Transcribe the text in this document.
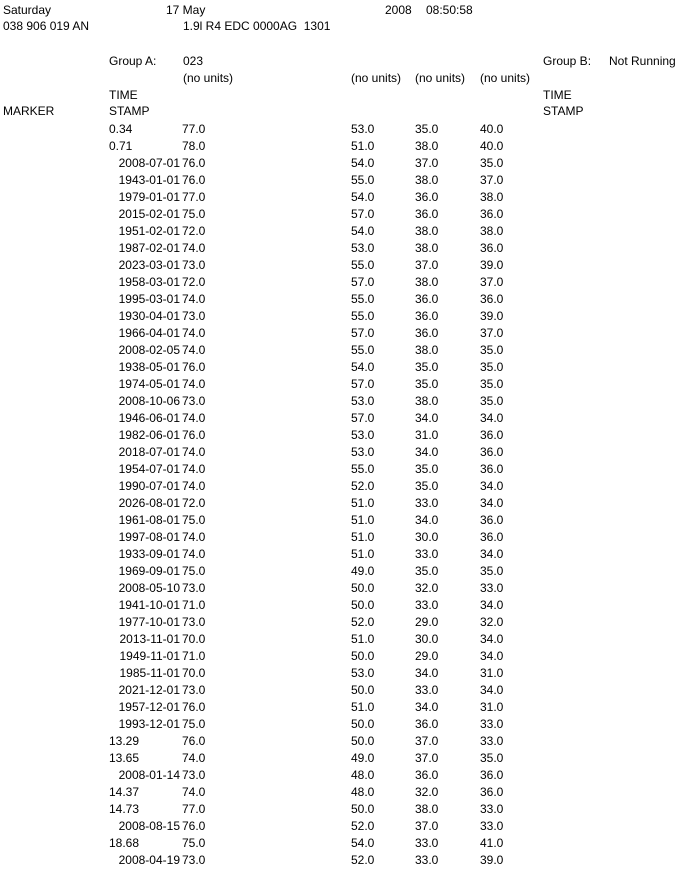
Saturday	17 May	2008 08:50:58
038 906 019 AN	1.9l R4 EDC 0000AG  1301
Group A: 023
(no units)	(no units) (no units) (no units)
TIME
STAMP
Group B: Not Running
TIME
STAMP
MARKER
0.34	77.0	53.0	35.0	40.0
0.71	78.0	51.0	38.0	40.0
2008-07-01 76.0	54.0	37.0	35.0
1943-01-01 76.0	55.0	38.0	37.0
1979-01-01 77.0	54.0	36.0	38.0
2015-02-01 75.0	57.0	36.0	36.0
1951-02-01 72.0	54.0	38.0	38.0
1987-02-01 74.0	53.0	38.0	36.0
2023-03-01 73.0	55.0	37.0	39.0
1958-03-01 72.0	57.0	38.0	37.0
1995-03-01 74.0	55.0	36.0	36.0
1930-04-01 73.0	55.0	36.0	39.0
1966-04-01 74.0	57.0	36.0	37.0
2008-02-05 74.0	55.0	38.0	35.0
1938-05-01 76.0	54.0	35.0	35.0
1974-05-01 74.0	57.0	35.0	35.0
2008-10-06 73.0	53.0	38.0	35.0
1946-06-01 74.0	57.0	34.0	34.0
1982-06-01 76.0	53.0	31.0	36.0
2018-07-01 74.0	53.0	34.0	36.0
1954-07-01 74.0	55.0	35.0	36.0
1990-07-01 74.0	52.0	35.0	34.0
2026-08-01 72.0	51.0	33.0	34.0
1961-08-01 75.0	51.0	34.0	36.0
1997-08-01 74.0	51.0	30.0	36.0
1933-09-01 74.0	51.0	33.0	34.0
1969-09-01 75.0	49.0	35.0	35.0
2008-05-10 73.0	50.0	32.0	33.0
1941-10-01 71.0	50.0	33.0	34.0
1977-10-01 73.0	52.0	29.0	32.0
2013-11-01 70.0	51.0	30.0	34.0
1949-11-01 71.0	50.0	29.0	34.0
1985-11-01 70.0	53.0	34.0	31.0
2021-12-01 73.0	50.0	33.0	34.0
1957-12-01 76.0	51.0	34.0	31.0
1993-12-01 75.0	50.0	36.0	33.0
13.29	76.0	50.0	37.0	33.0
13.65	74.0	49.0	37.0	35.0
2008-01-14 73.0	48.0	36.0	36.0
14.37	74.0	48.0	32.0	36.0
14.73	77.0	50.0	38.0	33.0
2008-08-15 76.0	52.0	37.0	33.0
18.68	75.0	54.0	33.0	41.0
2008-04-19 73.0	52.0	33.0	39.0
